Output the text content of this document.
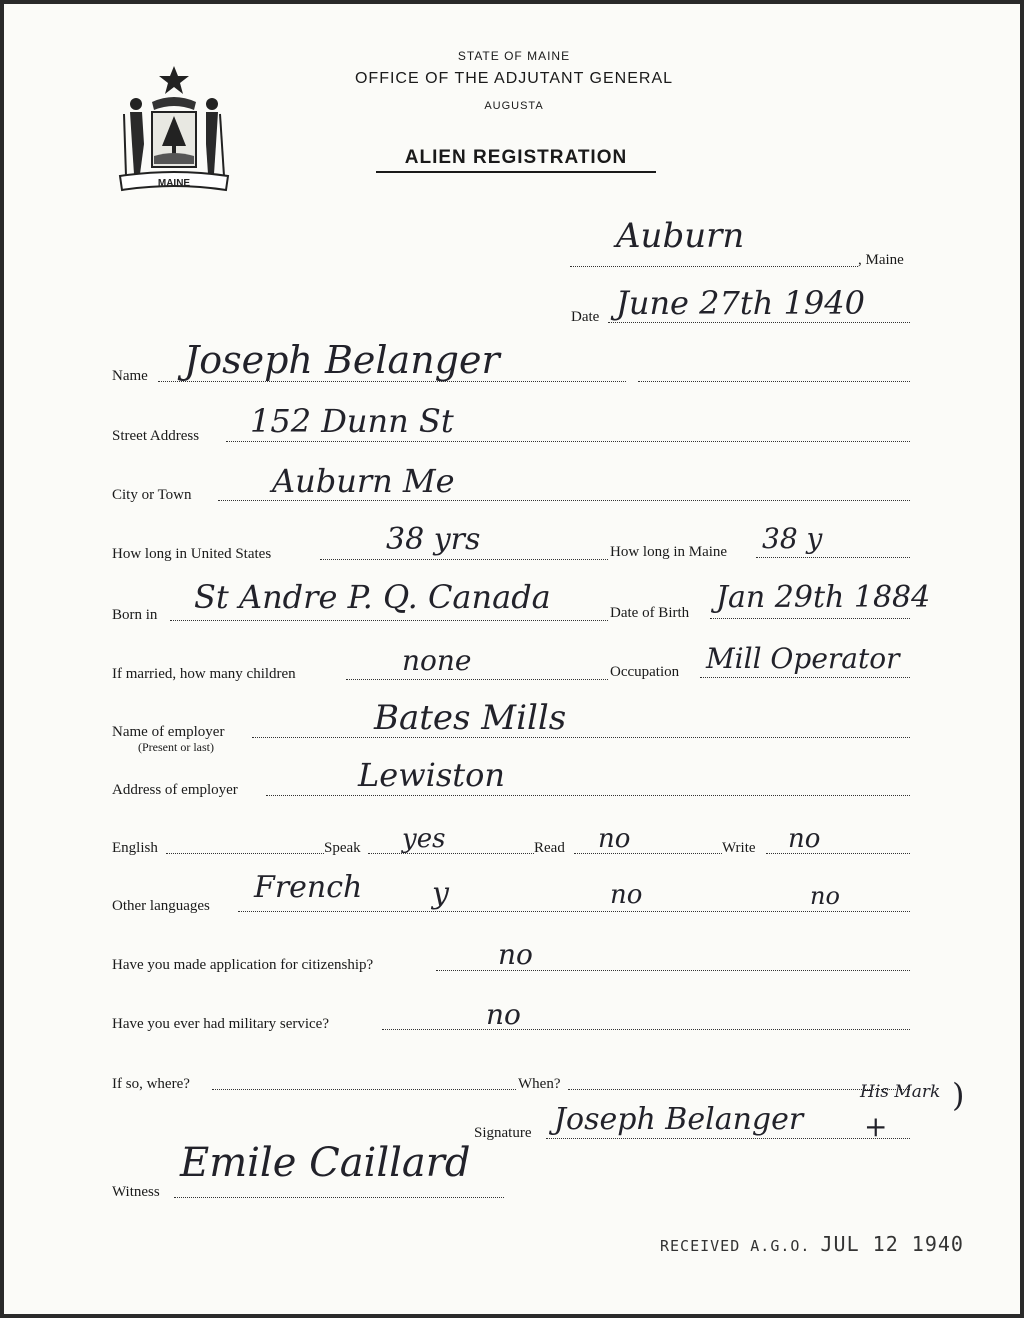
MAINE
STATE OF MAINE
OFFICE OF THE ADJUTANT GENERAL
AUGUSTA
ALIEN REGISTRATION
Auburn
, Maine
Date June 27th 1940
Name Joseph Belanger
Street Address 152 Dunn St
City or Town	Auburn Me
How long in United States	38 yrs	How long in Maine 38 y
Born in St Andre P. Q. Canada	Date of Birth Jan 29th 1884
If married, how many children	none	Occupation Mill Operator
Name of employer
(Present or last)
Bates Mills
Address of employer	Lewiston
English	Speak yes	Read no	Write no
Other languages
French y	no	no
Have you made application for citizenship?	no
Have you ever had military service?	no
If so, where?	When?
Signature Joseph Belanger
His Mark )
+
Witness
Emile Caillard
RECEIVED A.G.O. JUL 12 1940
